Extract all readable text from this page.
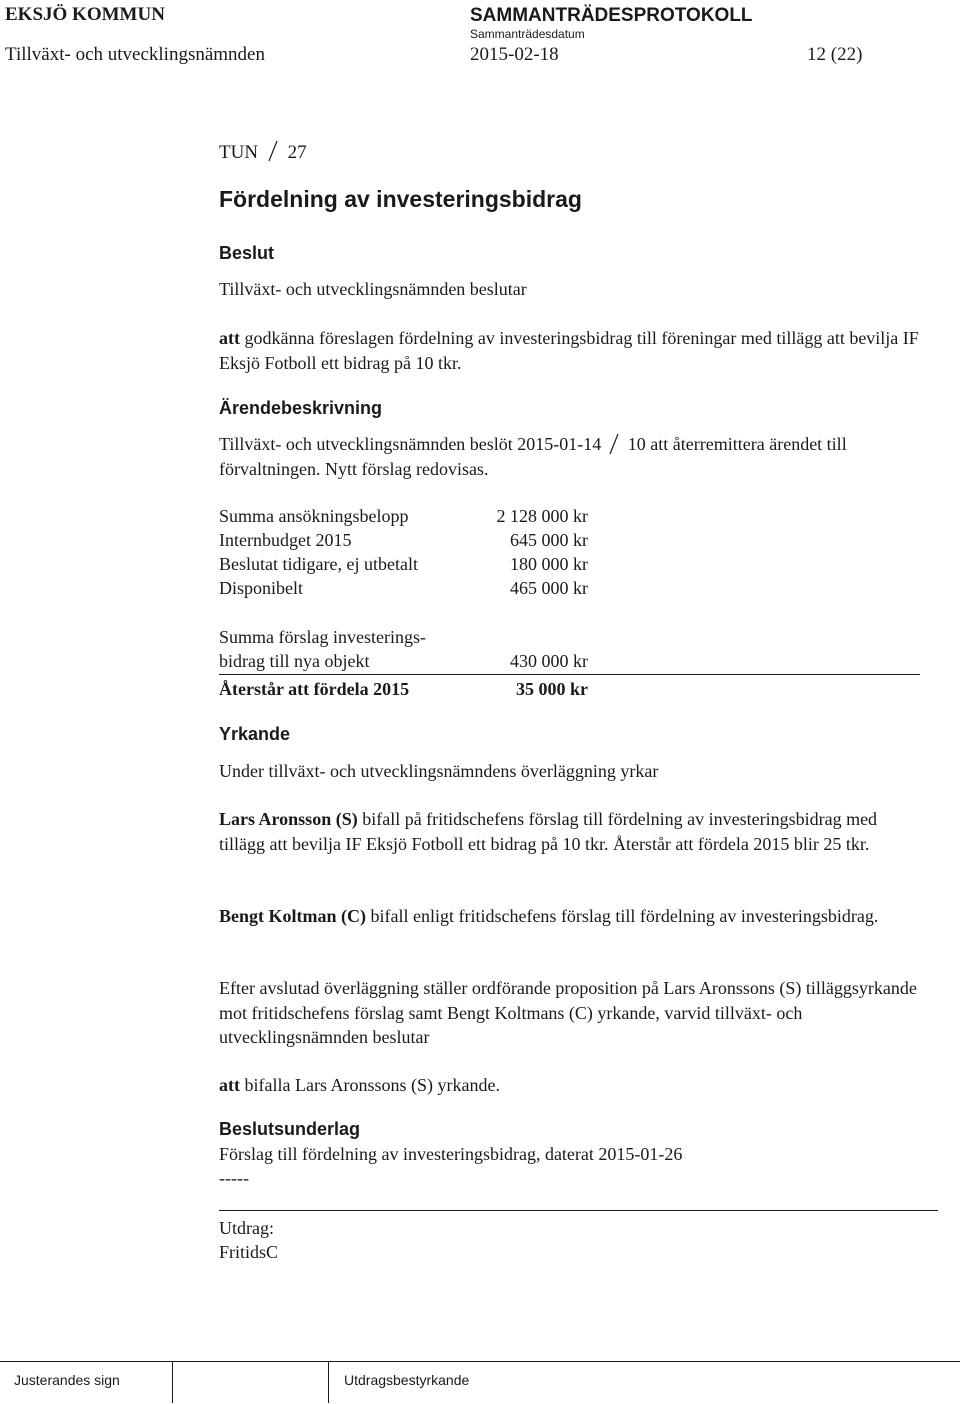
EKSJÖ KOMMUN	SAMMANTRÄDESPROTOKOLL
Sammanträdesdatum
Tillväxt- och utvecklingsnämnden	2015-02-18	12 (22)
TUN 27
Fördelning av investeringsbidrag
Beslut
Tillväxt- och utvecklingsnämnden beslutar
att godkänna föreslagen fördelning av investeringsbidrag till föreningar med tillägg att bevilja IF Eksjö Fotboll ett bidrag på 10 tkr.
Ärendebeskrivning
Tillväxt- och utvecklingsnämnden beslöt 2015-01-14 10 att återremittera ärendet till förvaltningen. Nytt förslag redovisas.
Summa ansökningsbelopp	2 128 000 kr
Internbudget 2015	645 000 kr
Beslutat tidigare, ej utbetalt	180 000 kr
Disponibelt	465 000 kr
Summa förslag investerings-
bidrag till nya objekt	430 000 kr
Återstår att fördela 2015	35 000 kr
Yrkande
Under tillväxt- och utvecklingsnämndens överläggning yrkar
Lars Aronsson (S) bifall på fritidschefens förslag till fördelning av investeringsbidrag med tillägg att bevilja IF Eksjö Fotboll ett bidrag på 10 tkr. Återstår att fördela 2015 blir 25 tkr.
Bengt Koltman (C) bifall enligt fritidschefens förslag till fördelning av investeringsbidrag.
Efter avslutad överläggning ställer ordförande proposition på Lars Aronssons (S) tilläggsyrkande mot fritidschefens förslag samt Bengt Koltmans (C) yrkande, varvid tillväxt- och utvecklingsnämnden beslutar
att bifalla Lars Aronssons (S) yrkande.
Beslutsunderlag
Förslag till fördelning av investeringsbidrag, daterat 2015-01-26
-----
Utdrag:
FritidsC
Justerandes sign	Utdragsbestyrkande
